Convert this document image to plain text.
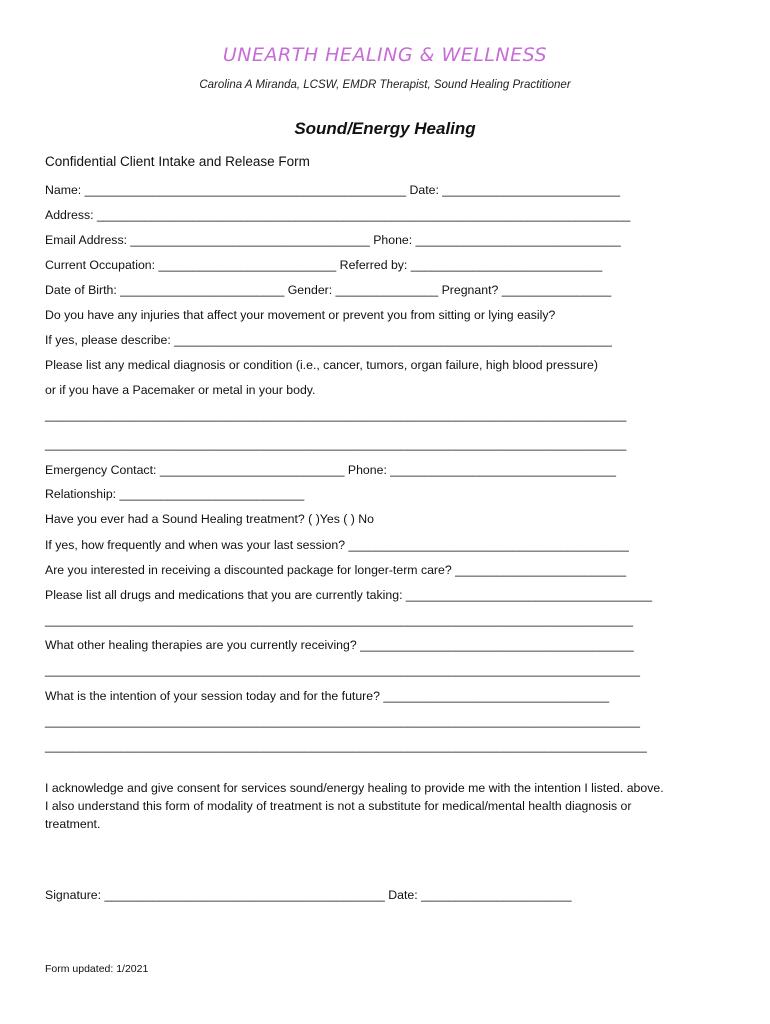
UNEARTH HEALING & WELLNESS
Carolina A Miranda, LCSW, EMDR Therapist, Sound Healing Practitioner
Sound/Energy Healing
Confidential Client Intake and Release Form
Name: _______________________________________________ Date: __________________________
Address: ______________________________________________________________________________
Email Address: ___________________________________ Phone: ______________________________
Current Occupation: __________________________ Referred by: ____________________________
Date of Birth: ________________________ Gender: _______________ Pregnant? ________________
Do you have any injuries that affect your movement or prevent you from sitting or lying easily?
If yes, please describe: ________________________________________________________________
Please list any medical diagnosis or condition (i.e., cancer, tumors, organ failure, high blood pressure)
or if you have a Pacemaker or metal in your body.
_____________________________________________________________________________________
_____________________________________________________________________________________
Emergency Contact: ___________________________ Phone: _________________________________
Relationship: ___________________________
Have you ever had a Sound Healing treatment? ( )Yes ( ) No
If yes, how frequently and when was your last session? _________________________________________
Are you interested in receiving a discounted package for longer-term care? _________________________
Please list all drugs and medications that you are currently taking: ____________________________________
______________________________________________________________________________________
What other healing therapies are you currently receiving? ________________________________________
_______________________________________________________________________________________
What is the intention of your session today and for the future? _________________________________
_______________________________________________________________________________________
________________________________________________________________________________________
I acknowledge and give consent for services sound/energy healing to provide me with the intention I listed. above. I also understand this form of modality of treatment is not a substitute for medical/mental health diagnosis or treatment.
Signature: _________________________________________ Date: ______________________
Form updated: 1/2021
